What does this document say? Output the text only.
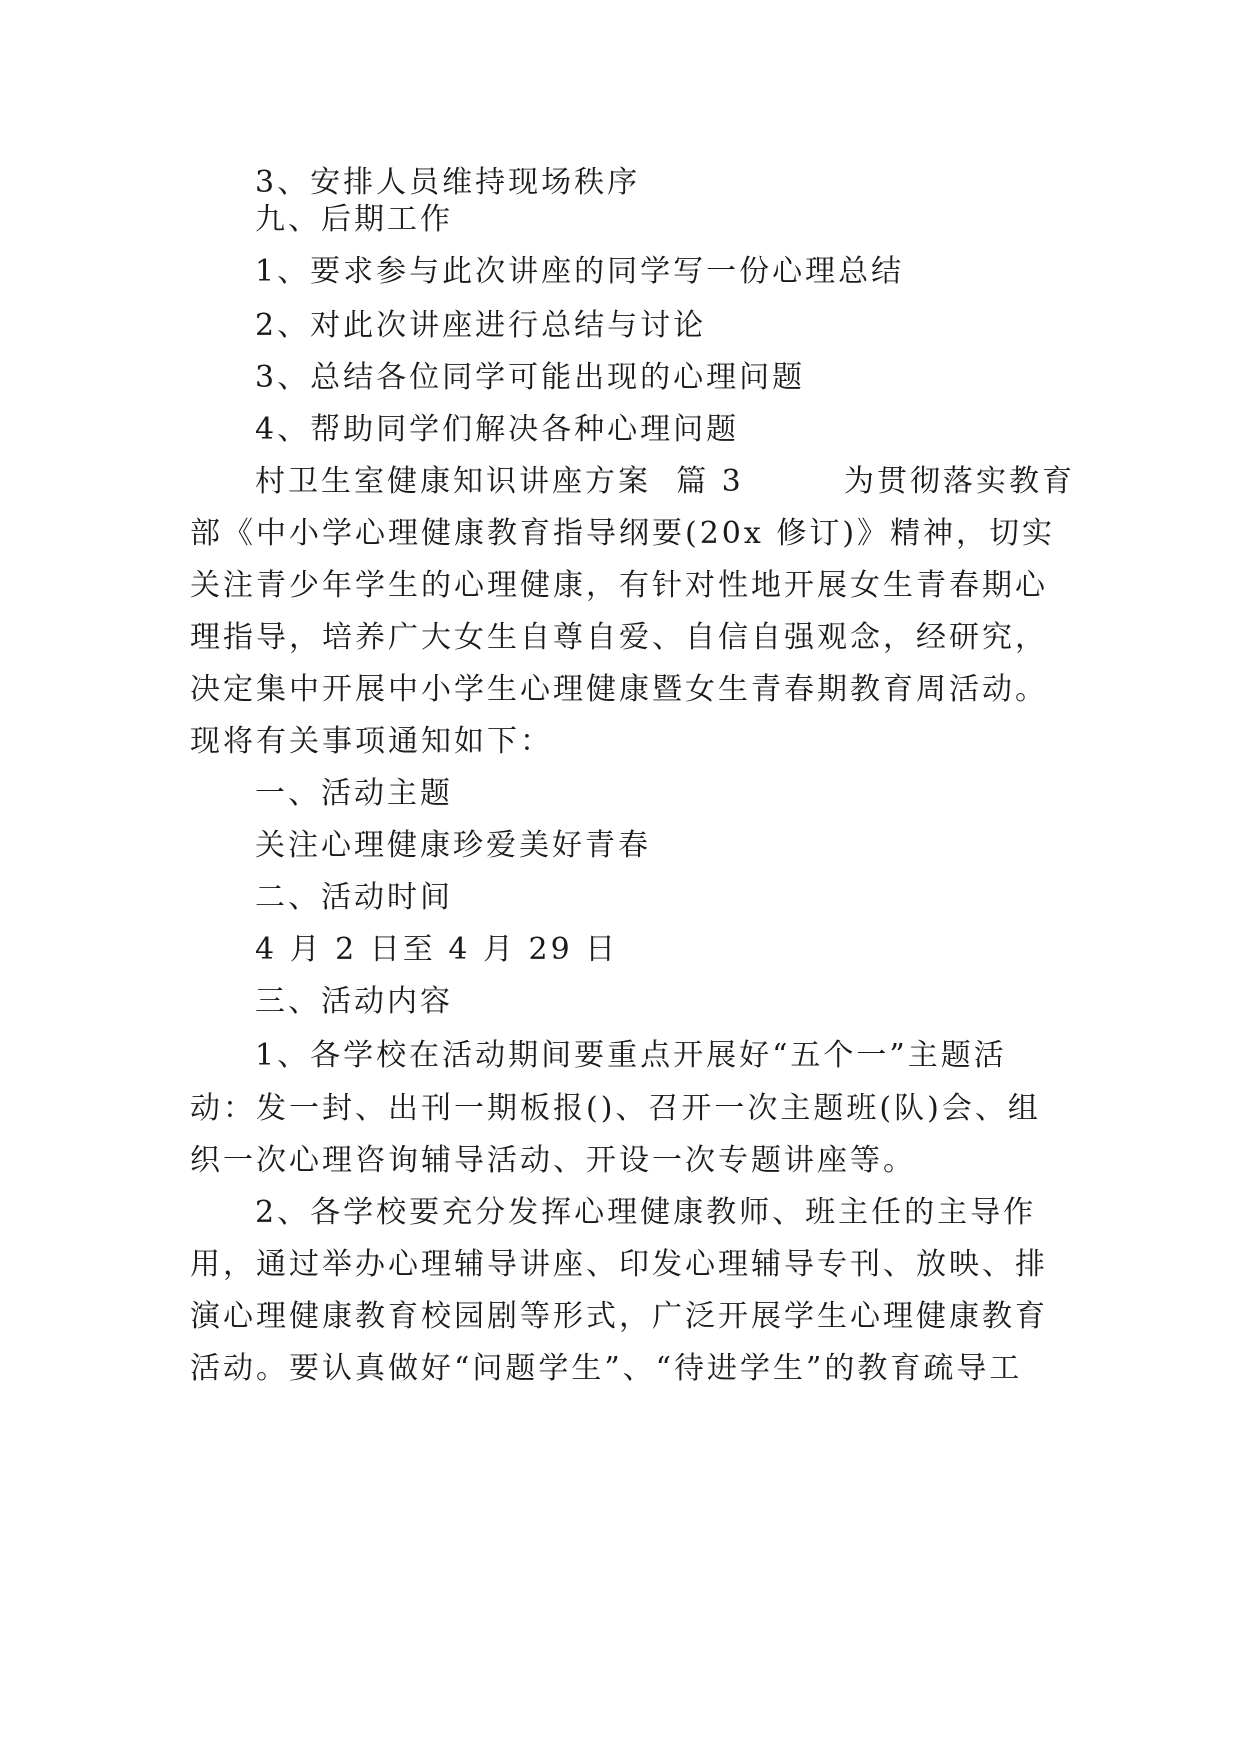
3、安排人员维持现场秩序
九、后期工作
1、要求参与此次讲座的同学写一份心理总结
2、对此次讲座进行总结与讨论
3、总结各位同学可能出现的心理问题
4、帮助同学们解决各种心理问题
村卫生室健康知识讲座方案  篇 3        为贯彻落实教育
部《中小学心理健康教育指导纲要(20x 修订)》精神，切实
关注青少年学生的心理健康，有针对性地开展女生青春期心
理指导，培养广大女生自尊自爱、自信自强观念，经研究，
决定集中开展中小学生心理健康暨女生青春期教育周活动。
现将有关事项通知如下：
一、活动主题
关注心理健康珍爱美好青春
二、活动时间
4 月 2 日至 4 月 29 日
三、活动内容
1、各学校在活动期间要重点开展好“五个一”主题活
动：发一封、出刊一期板报()、召开一次主题班(队)会、组
织一次心理咨询辅导活动、开设一次专题讲座等。
2、各学校要充分发挥心理健康教师、班主任的主导作
用，通过举办心理辅导讲座、印发心理辅导专刊、放映、排
演心理健康教育校园剧等形式，广泛开展学生心理健康教育
活动。要认真做好“问题学生”、“待进学生”的教育疏导工
